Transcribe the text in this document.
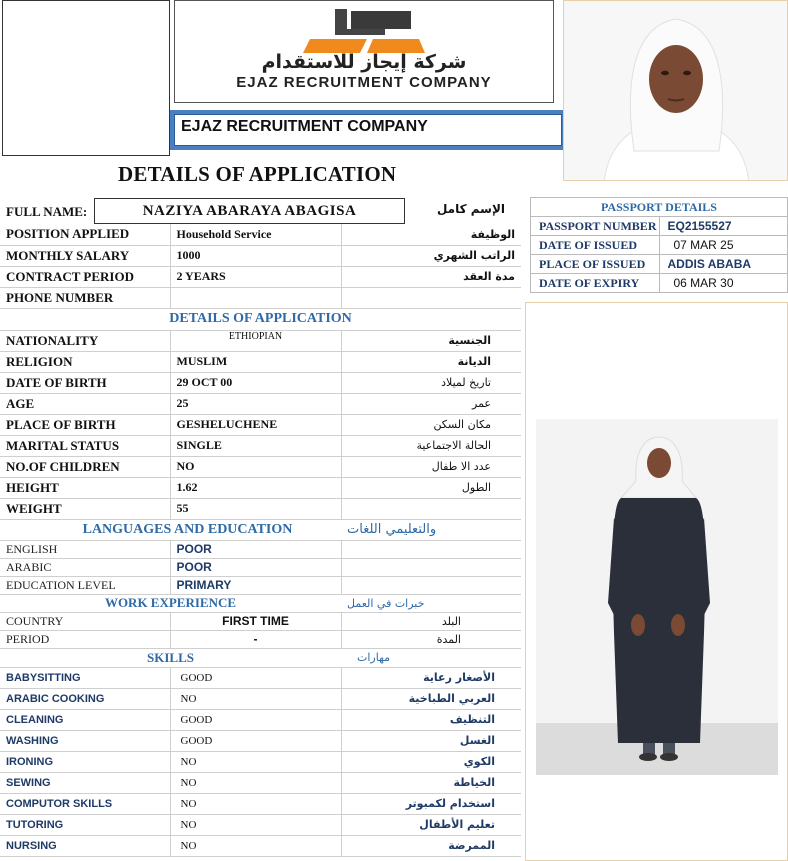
شركة إيجاز للاستقدام
EJAZ RECRUITMENT COMPANY
EJAZ RECRUITMENT COMPANY
DETAILS OF APPLICATION
FULL NAME:	NAZIYA ABARAYA ABAGISA	الإسم كامل
POSITION APPLIED	Household Service	الوظيفة
MONTHLY SALARY	1000	الراتب الشهري
CONTRACT PERIOD	2 YEARS	مدة العقد
PHONE NUMBER		
DETAILS OF APPLICATION		
NATIONALITY	ETHIOPIAN	الجنسية
RELIGION	MUSLIM	الديانة
DATE OF BIRTH	29 OCT 00	تاريخ لميلاد
AGE	25	عمر
PLACE OF BIRTH	GESHELUCHENE	مكان السكن
MARITAL STATUS	SINGLE	الحالة الاجتماعية
NO.OF CHILDREN	NO	عدد الا طفال
HEIGHT	1.62	الطول
WEIGHT	55	
LANGUAGES AND EDUCATION		والتعليمي اللغات
ENGLISH	POOR	
ARABIC	POOR	
EDUCATION LEVEL	PRIMARY	
WORK EXPERIENCE		خبرات في العمل
COUNTRY	FIRST TIME	البلد
PERIOD	-	المدة
SKILLS		مهارات
BABYSITTING	GOOD	الأصغار رعاية
ARABIC COOKING	NO	العربي الطباخية
CLEANING	GOOD	التنظيف
WASHING	GOOD	الغسل
IRONING	NO	الكوي
SEWING	NO	الخياطة
COMPUTOR SKILLS	NO	استخدام لكمبوتر
TUTORING	NO	تعليم الأطفال
NURSING	NO	الممرضة
PASSPORT DETAILS	
PASSPORT NUMBER	EQ2155527
DATE OF ISSUED	07 MAR 25
PLACE OF ISSUED	ADDIS ABABA
DATE OF EXPIRY	06 MAR 30
